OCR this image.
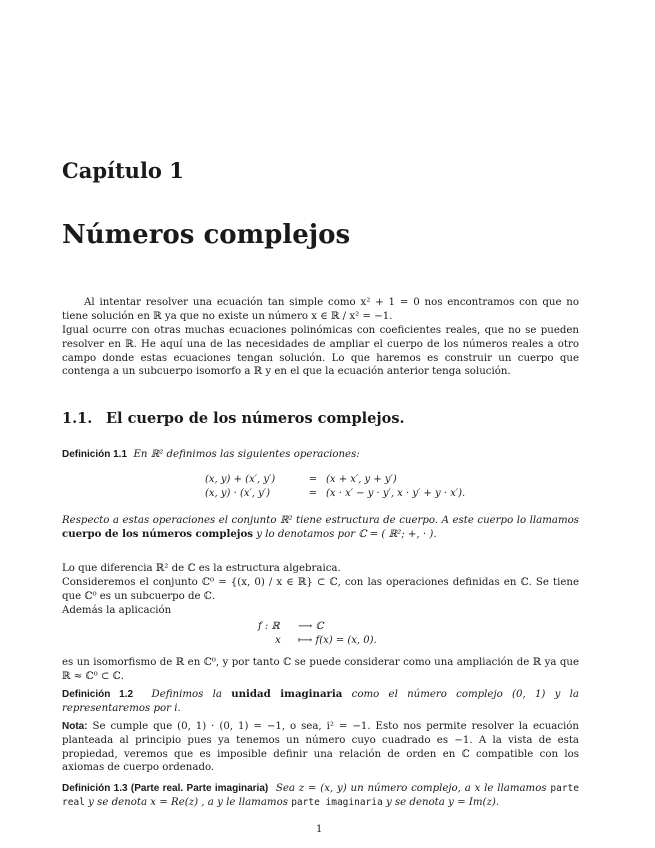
Capítulo 1
Números complejos
Al intentar resolver una ecuación tan simple como x² + 1 = 0 nos encontramos con que no tiene solución en ℝ ya que no existe un número x ∈ ℝ / x² = −1.
Igual ocurre con otras muchas ecuaciones polinómicas con coeficientes reales, que no se pueden resolver en ℝ. He aquí una de las necesidades de ampliar el cuerpo de los números reales a otro campo donde estas ecuaciones tengan solución. Lo que haremos es construir un cuerpo que contenga a un subcuerpo isomorfo a ℝ y en el que la ecuación anterior tenga solución.
1.1. El cuerpo de los números complejos.
Definición 1.1 En ℝ² definimos las siguientes operaciones:
(x, y) + (x′, y′)	= (x + x′, y + y′)
(x, y) · (x′, y′)	= (x · x′ − y · y′, x · y′ + y · x′).
Respecto a estas operaciones el conjunto ℝ² tiene estructura de cuerpo. A este cuerpo lo llamamos cuerpo de los números complejos y lo denotamos por ℂ = ( ℝ²; +, · ).
Lo que diferencia ℝ² de ℂ es la estructura algebraica.
Consideremos el conjunto ℂ⁰ = {(x, 0) / x ∈ ℝ} ⊂ ℂ, con las operaciones definidas en ℂ. Se tiene que ℂ⁰ es un subcuerpo de ℂ.
Además la aplicación
f : ℝ ⟶ ℂ
x ⟼ f(x) = (x, 0).
es un isomorfismo de ℝ en ℂ⁰, y por tanto ℂ se puede considerar como una ampliación de ℝ ya que ℝ ≈ ℂ⁰ ⊂ ℂ.
Definición 1.2 Definimos la unidad imaginaria como el número complejo (0, 1) y la representaremos por i.
Nota: Se cumple que (0, 1) · (0, 1) = −1, o sea, i² = −1. Esto nos permite resolver la ecuación planteada al principio pues ya tenemos un número cuyo cuadrado es −1. A la vista de esta propiedad, veremos que es imposible definir una relación de orden en ℂ compatible con los axiomas de cuerpo ordenado.
Definición 1.3 (Parte real. Parte imaginaria) Sea z = (x, y) un número complejo, a x le llamamos parte real y se denota x = Re(z) , a y le llamamos parte imaginaria y se denota y = Im(z).
1
